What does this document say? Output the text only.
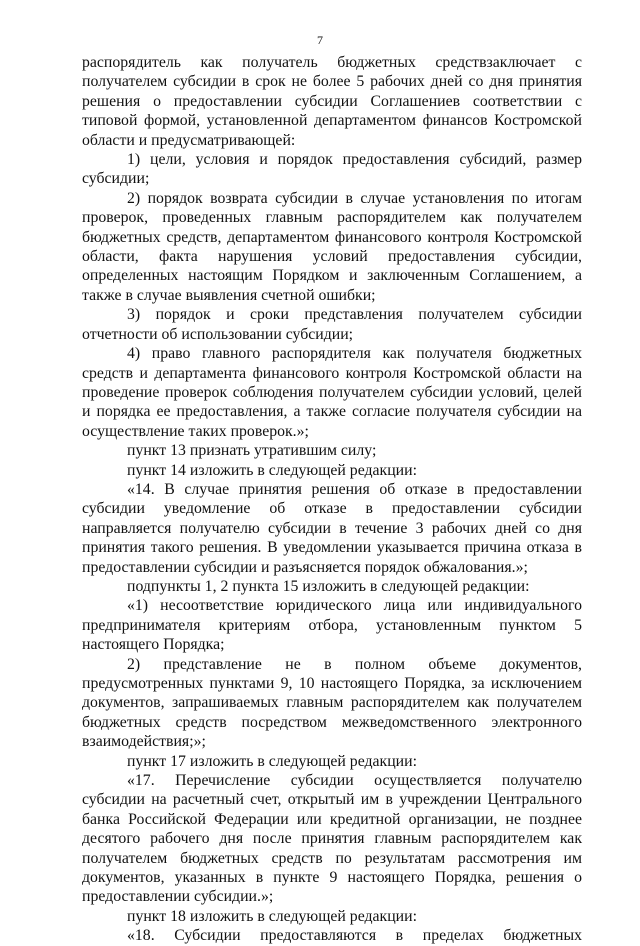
7

распорядитель как получатель бюджетных средствзаключает с получателем субсидии в срок не более 5 рабочих дней со дня принятия решения о предоставлении субсидии Соглашениев соответствии с типовой формой, установленной департаментом финансов Костромской области и предусматривающей:

1) цели, условия и порядок предоставления субсидий, размер субсидии;

2) порядок возврата субсидии в случае установления по итогам проверок, проведенных главным распорядителем как получателем бюджетных средств, департаментом финансового контроля Костромской области, факта нарушения условий предоставления субсидии, определенных настоящим Порядком и заключенным Соглашением, а также в случае выявления счетной ошибки;

3) порядок и сроки представления получателем субсидии отчетности об использовании субсидии;

4) право главного распорядителя как получателя бюджетных средств и департамента финансового контроля Костромской области на проведение проверок соблюдения получателем субсидии условий, целей и порядка ее предоставления, а также согласие получателя субсидии на осуществление таких проверок.»;

пункт 13 признать утратившим силу;

пункт 14 изложить в следующей редакции:

«14. В случае принятия решения об отказе в предоставлении субсидии уведомление об отказе в предоставлении субсидии направляется получателю субсидии в течение 3 рабочих дней со дня принятия такого решения. В уведомлении указывается причина отказа в предоставлении субсидии и разъясняется порядок обжалования.»;

подпункты 1, 2 пункта 15 изложить в следующей редакции:

«1) несоответствие юридического лица или индивидуального предпринимателя критериям отбора, установленным пунктом 5 настоящего Порядка;

2) представление не в полном объеме документов, предусмотренных пунктами 9, 10 настоящего Порядка, за исключением документов, запрашиваемых главным распорядителем как получателем бюджетных средств посредством межведомственного электронного взаимодействия;»;

пункт 17 изложить в следующей редакции:

«17. Перечисление субсидии осуществляется получателю субсидии на расчетный счет, открытый им в учреждении Центрального банка Российской Федерации или кредитной организации, не позднее десятого рабочего дня после принятия главным распорядителем как получателем бюджетных средств по результатам рассмотрения им документов, указанных в пункте 9 настоящего Порядка, решения о предоставлении субсидии.»;

пункт 18 изложить в следующей редакции:

«18. Субсидии предоставляются в пределах бюджетных
